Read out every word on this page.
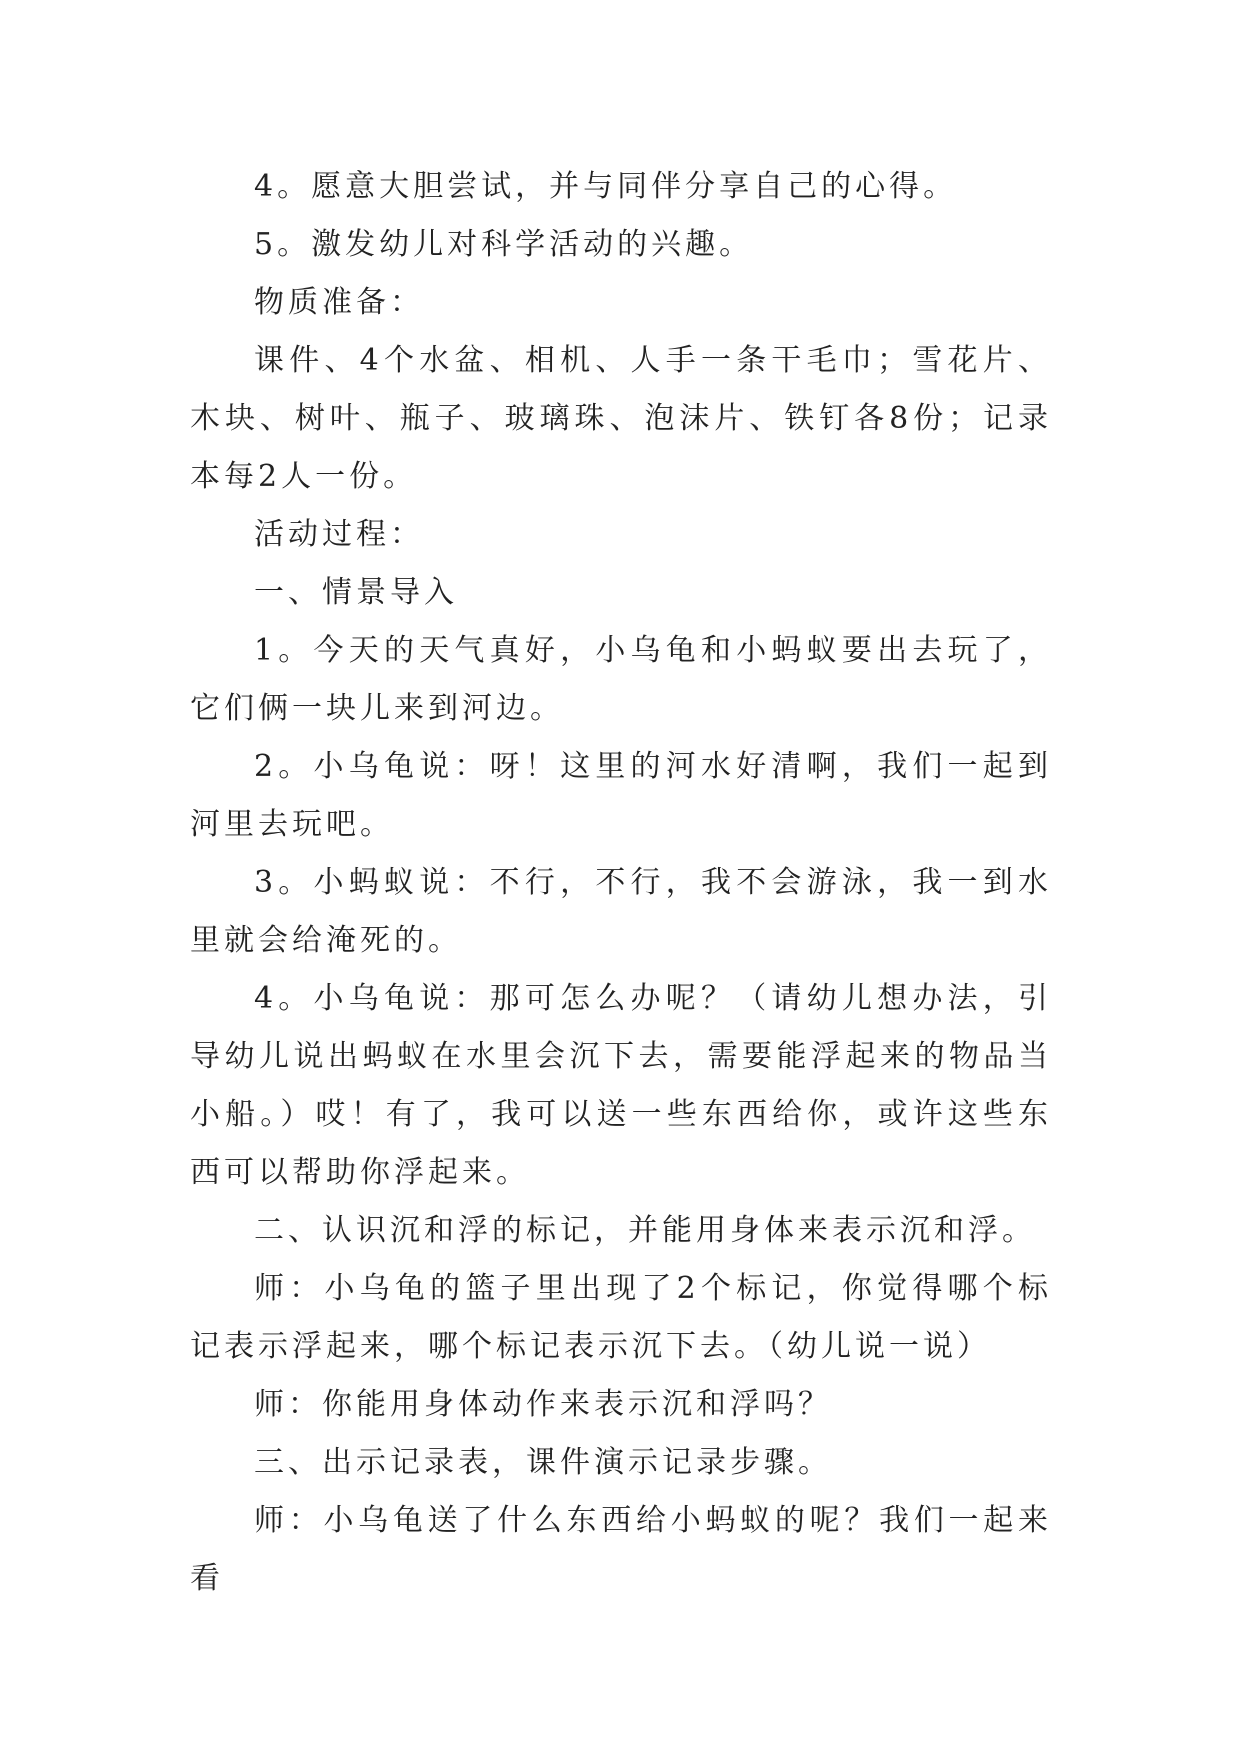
4。愿意大胆尝试，并与同伴分享自己的心得。

5。激发幼儿对科学活动的兴趣。

物质准备：

课件、4个水盆、相机、人手一条干毛巾；雪花片、木块、树叶、瓶子、玻璃珠、泡沫片、铁钉各8份；记录本每2人一份。

活动过程：

一、情景导入

1。今天的天气真好，小乌龟和小蚂蚁要出去玩了，它们俩一块儿来到河边。

2。小乌龟说：呀！这里的河水好清啊，我们一起到河里去玩吧。

3。小蚂蚁说：不行，不行，我不会游泳，我一到水里就会给淹死的。

4。小乌龟说：那可怎么办呢？（请幼儿想办法，引导幼儿说出蚂蚁在水里会沉下去，需要能浮起来的物品当小船。）哎！有了，我可以送一些东西给你，或许这些东西可以帮助你浮起来。

二、认识沉和浮的标记，并能用身体来表示沉和浮。

师：小乌龟的篮子里出现了2个标记，你觉得哪个标记表示浮起来，哪个标记表示沉下去。（幼儿说一说）

师：你能用身体动作来表示沉和浮吗？

三、出示记录表，课件演示记录步骤。

师：小乌龟送了什么东西给小蚂蚁的呢？我们一起来看
